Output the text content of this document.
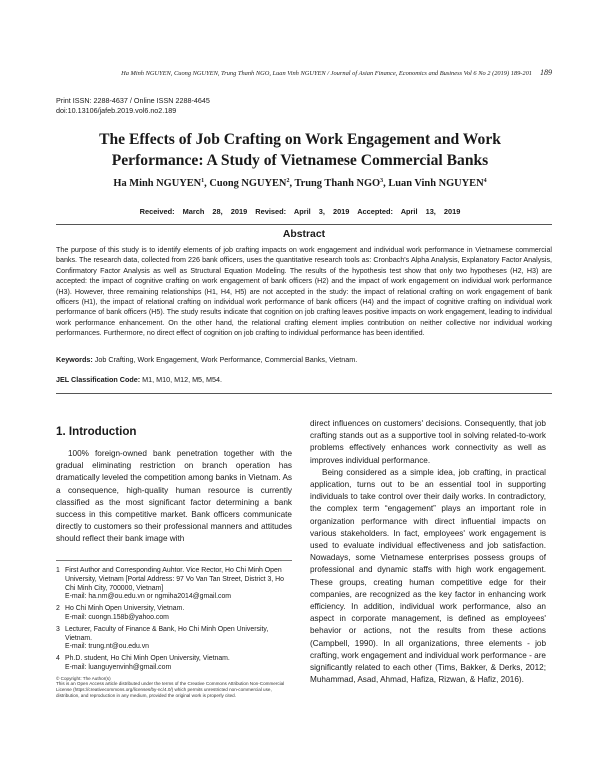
Ha Minh NGUYEN, Cuong NGUYEN, Trung Thanh NGO, Luan Vinh NGUYEN / Journal of Asian Finance, Economics and Business Vol 6 No 2 (2019) 189-201 189
Print ISSN: 2288-4637 / Online ISSN 2288-4645
doi:10.13106/jafeb.2019.vol6.no2.189
The Effects of Job Crafting on Work Engagement and Work
Performance: A Study of Vietnamese Commercial Banks
Ha Minh NGUYEN$^1$, Cuong NGUYEN$^2$, Trung Thanh NGO$^3$, Luan Vinh NGUYEN$^4$
Received: March 28, 2019 Revised: April 3, 2019 Accepted: April 13, 2019
Abstract
The purpose of this study is to identify elements of job crafting impacts on work engagement and individual work performance in Vietnamese commercial banks. The research data, collected from 226 bank officers, uses the quantitative research tools as: Cronbach's Alpha Analysis, Explanatory Factor Analysis, Confirmatory Factor Analysis as well as Structural Equation Modeling. The results of the hypothesis test show that only two hypotheses (H2, H3) are accepted: the impact of cognitive crafting on work engagement of bank officers (H2) and the impact of work engagement on individual work performance (H3). However, three remaining relationships (H1, H4, H5) are not accepted in the study: the impact of relational crafting on work engagement of bank officers (H1), the impact of relational crafting on individual work performance of bank officers (H4) and the impact of cognitive crafting on individual work performance of bank officers (H5). The study results indicate that cognition on job crafting leaves positive impacts on work engagement, leading to individual work performance enhancement. On the other hand, the relational crafting element implies contribution on neither collective nor individual working performances. Furthermore, no direct effect of cognition on job crafting to individual performance has been identified.
Keywords: Job Crafting, Work Engagement, Work Performance, Commercial Banks, Vietnam.
JEL Classification Code: M1, M10, M12, M5, M54.
1. Introduction

100% foreign-owned bank penetration together with the gradual eliminating restriction on branch operation has dramatically leveled the competition among banks in Vietnam. As a consequence, high-quality human resource is currently classified as the most significant factor determining a bank success in this competitive market. Bank officers communicate directly to customers so their professional manners and attitudes should reflect their bank image with

1 First Author and Corresponding Auhtor. Vice Rector, Ho Chi Minh Open University, Vietnam [Portal Address: 97 Vo Van Tan Street, District 3, Ho Chi Minh City, 700000, Vietnam]
E-mail: ha.nm@ou.edu.vn or ngmiha2014@gmail.com
2 Ho Chi Minh Open University, Vietnam.
E-mail: cuongn.158b@yahoo.com
3 Lecturer, Faculty of Finance & Bank, Ho Chi Minh Open University, Vietnam.
E-mail: trung.nt@ou.edu.vn
4 Ph.D. student, Ho Chi Minh Open University, Vietnam.
E-mail: luanguyenvinh@gmail.com
© Copyright: The Author(s)
This is an Open Access article distributed under the terms of the Creative Commons Attribution Non-Commercial License (https://creativecommons.org/licenses/by-nc/4.0/) which permits unrestricted non-commercial use, distribution, and reproduction in any medium, provided the original work is properly cited.

direct influences on customers' decisions. Consequently, that job crafting stands out as a supportive tool in solving related-to-work problems effectively enhances work connectivity as well as improves individual performance.

Being considered as a simple idea, job crafting, in practical application, turns out to be an essential tool in supporting individuals to take control over their daily works. In contradictory, the complex term “engagement” plays an important role in organization performance with direct influential impacts on various stakeholders. In fact, employees' work engagement is used to evaluate individual effectiveness and job satisfaction. Nowadays, some Vietnamese enterprises possess groups of professional and dynamic staffs with high work engagement. These groups, creating human competitive edge for their companies, are recognized as the key factor in enhancing work efficiency. In addition, individual work performance, also an aspect in corporate management, is defined as employees' behavior or actions, not the results from these actions (Campbell, 1990). In all organizations, three elements - job crafting, work engagement and individual work performance - are significantly related to each other (Tims, Bakker, & Derks, 2012; Muhammad, Asad, Ahmad, Hafiza, Rizwan, & Hafiz, 2016).
